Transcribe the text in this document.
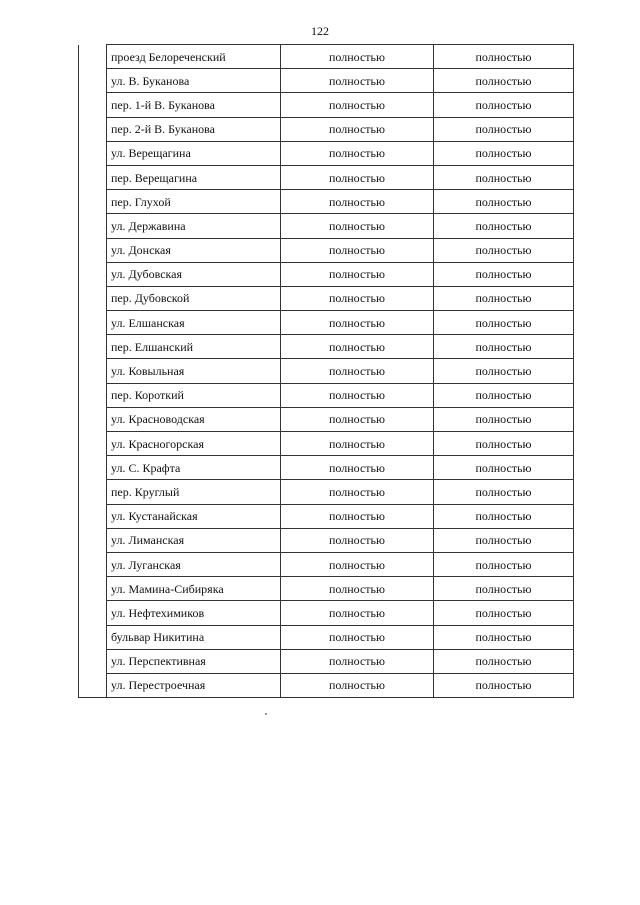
122
	проезд Белореченский	полностью	полностью
	ул. В. Буканова	полностью	полностью
	пер. 1-й В. Буканова	полностью	полностью
	пер. 2-й В. Буканова	полностью	полностью
	ул. Верещагина	полностью	полностью
	пер. Верещагина	полностью	полностью
	пер. Глухой	полностью	полностью
	ул. Державина	полностью	полностью
	ул. Донская	полностью	полностью
	ул. Дубовская	полностью	полностью
	пер. Дубовской	полностью	полностью
	ул. Елшанская	полностью	полностью
	пер. Елшанский	полностью	полностью
	ул. Ковыльная	полностью	полностью
	пер. Короткий	полностью	полностью
	ул. Красноводская	полностью	полностью
	ул. Красногорская	полностью	полностью
	ул. С. Крафта	полностью	полностью
	пер. Круглый	полностью	полностью
	ул. Кустанайская	полностью	полностью
	ул. Лиманская	полностью	полностью
	ул. Луганская	полностью	полностью
	ул. Мамина-Сибиряка	полностью	полностью
	ул. Нефтехимиков	полностью	полностью
	бульвар Никитина	полностью	полностью
	ул. Перспективная	полностью	полностью
	ул. Перестроечная	полностью	полностью
